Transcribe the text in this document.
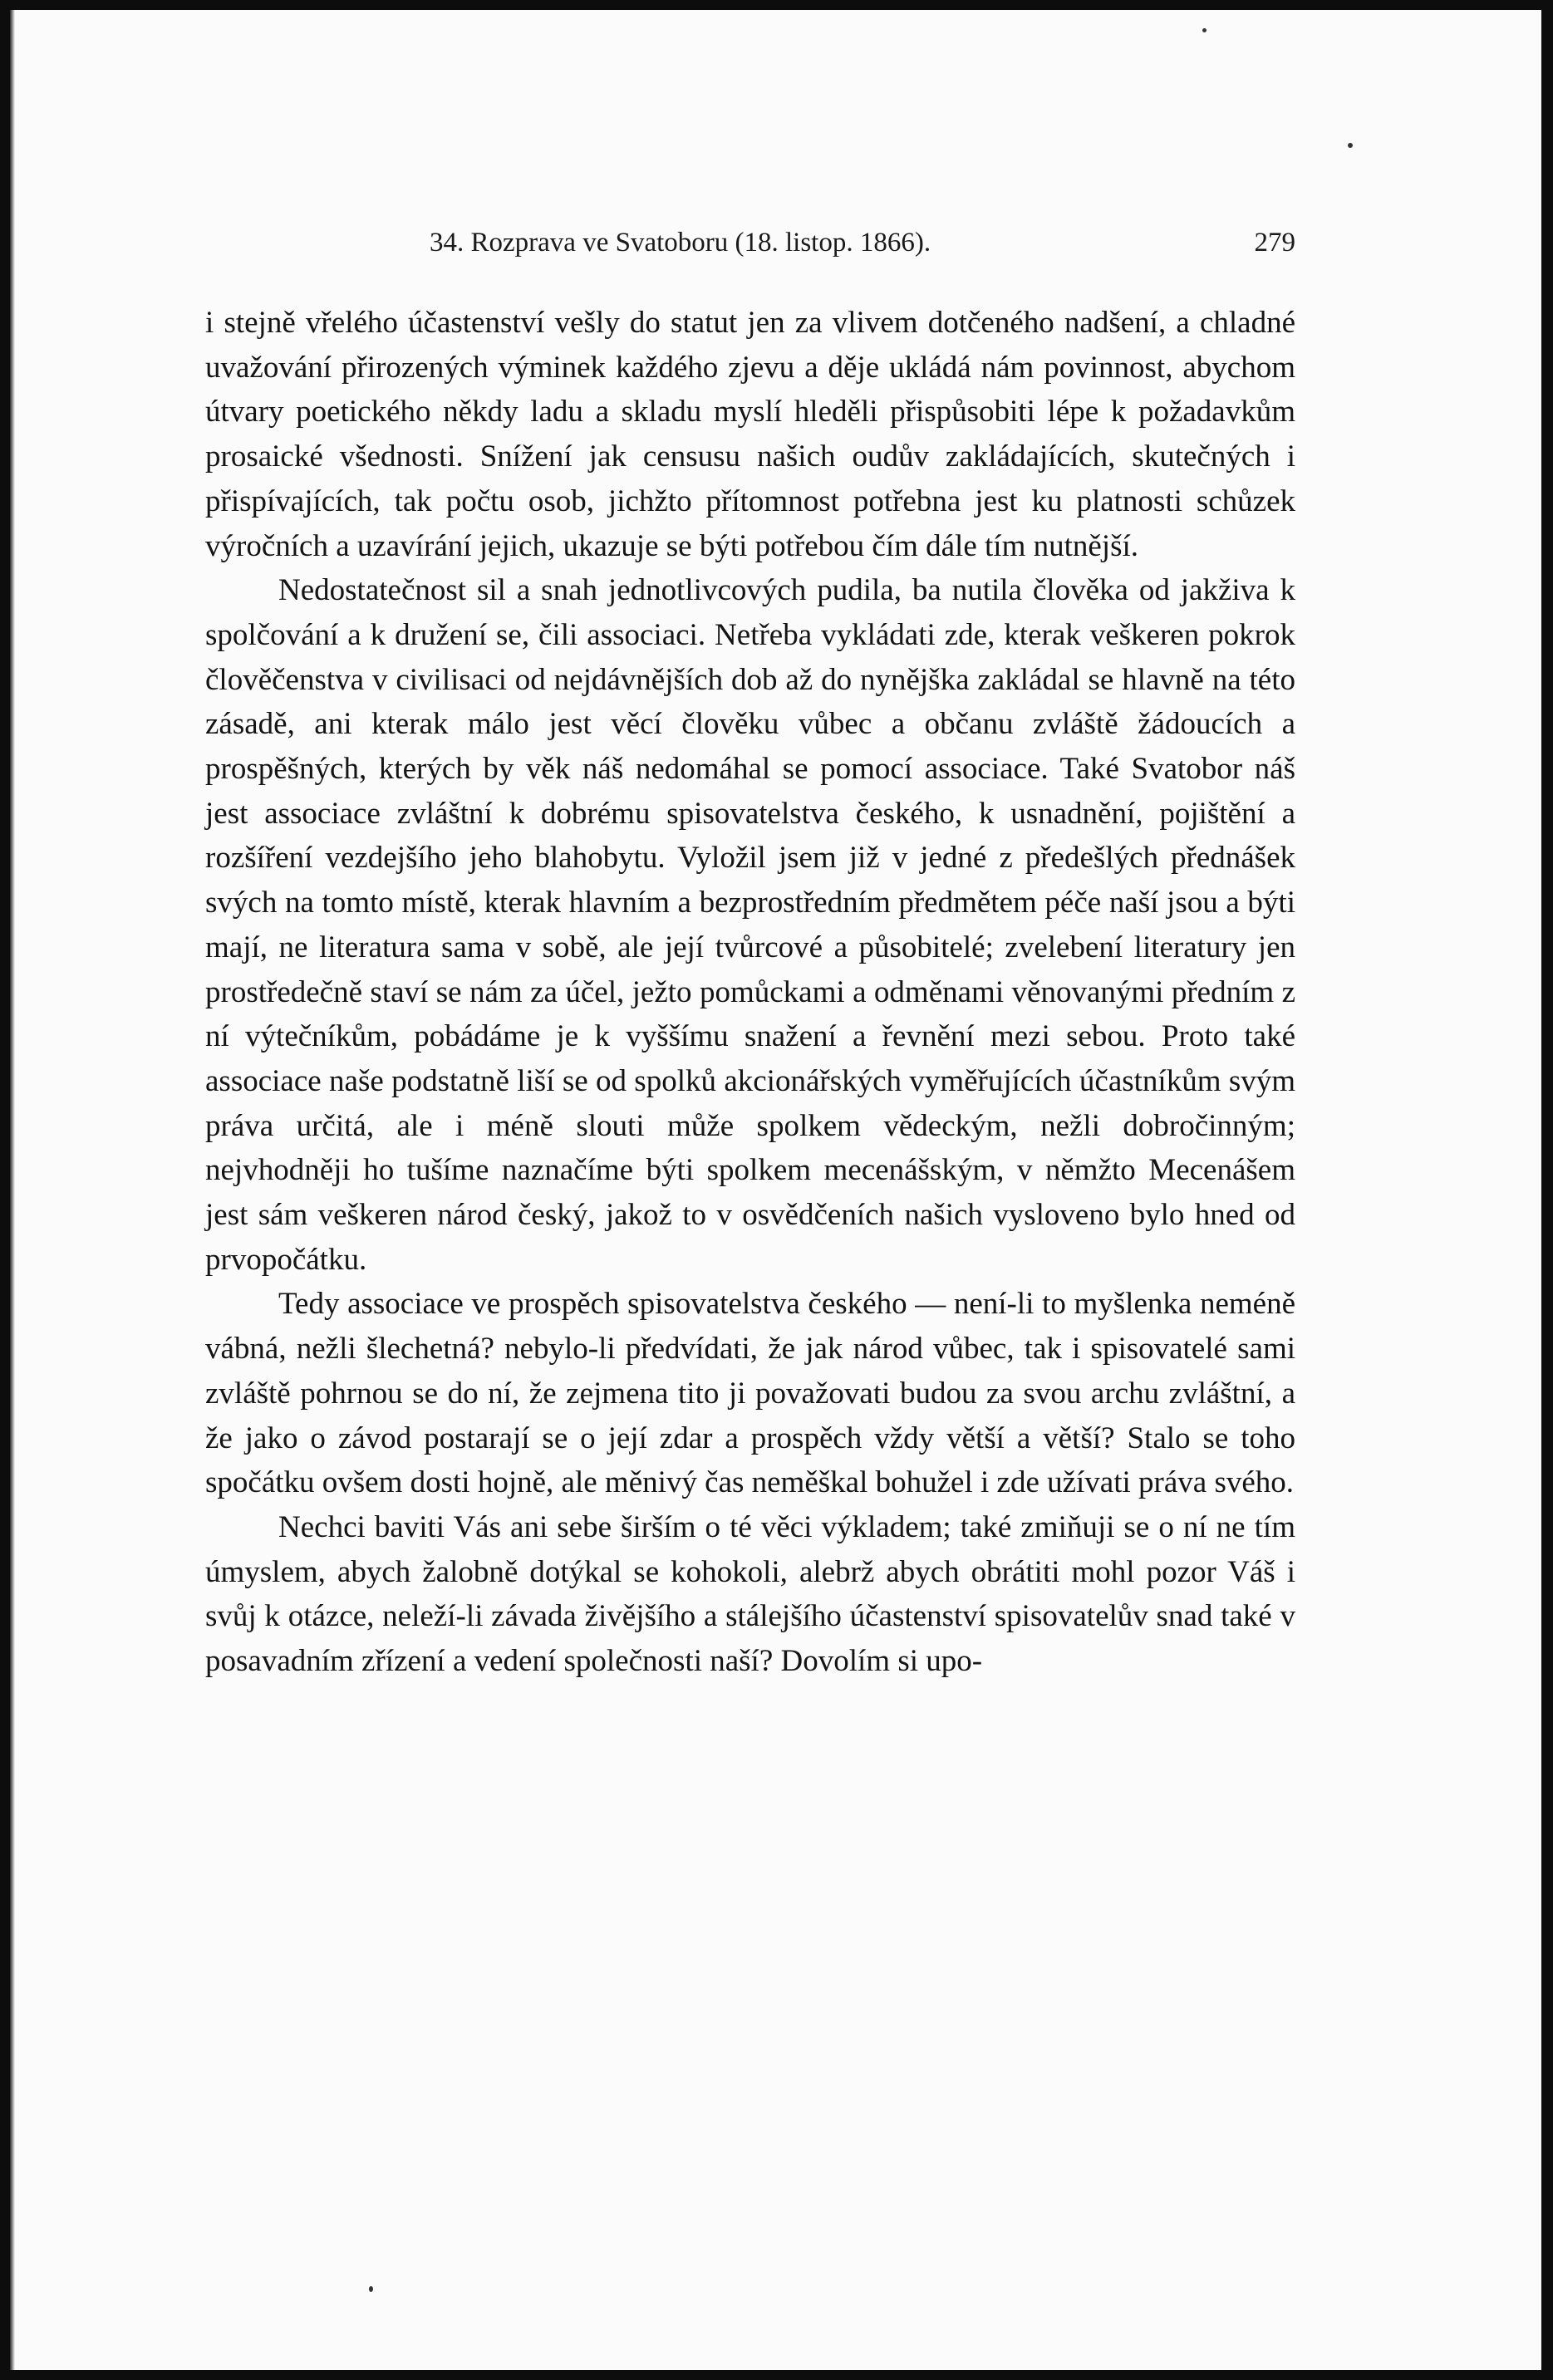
34. Rozprava ve Svatoboru (18. listop. 1866).	279

i stejně vřelého účastenství vešly do statut jen za vlivem dotčeného nadšení, a chladné uvažování přirozených výminek každého zjevu a děje ukládá nám povinnost, abychom útvary poetického někdy ladu a skladu myslí hleděli přispůsobiti lépe k požadavkům prosaické všednosti. Snížení jak censusu našich oudův zakládajících, skutečných i přispívajících, tak počtu osob, jichžto přítomnost potřebna jest ku platnosti schůzek výročních a uzavírání jejich, ukazuje se býti potřebou čím dále tím nutnější.

Nedostatečnost sil a snah jednotlivcových pudila, ba nutila člověka od jakživa k spolčování a k družení se, čili associaci. Netřeba vykládati zde, kterak veškeren pokrok člověčenstva v civilisaci od nejdávnějších dob až do nynějška zakládal se hlavně na této zásadě, ani kterak málo jest věcí člověku vůbec a občanu zvláště žádoucích a prospěšných, kterých by věk náš nedomáhal se pomocí associace. Také Svatobor náš jest associace zvláštní k dobrému spisovatelstva českého, k usnadnění, pojištění a rozšíření vezdejšího jeho blahobytu. Vyložil jsem již v jedné z předešlých přednášek svých na tomto místě, kterak hlavním a bezprostředním předmětem péče naší jsou a býti mají, ne literatura sama v sobě, ale její tvůrcové a působitelé; zvelebení literatury jen prostředečně staví se nám za účel, ježto pomůckami a odměnami věnovanými předním z ní výtečníkům, pobádáme je k vyššímu snažení a řevnění mezi sebou. Proto také associace naše podstatně liší se od spolků akcionářských vyměřujících účastníkům svým práva určitá, ale i méně slouti může spolkem vědeckým, nežli dobročinným; nejvhodněji ho tušíme naznačíme býti spolkem mecenášským, v němžto Mecenášem jest sám veškeren národ český, jakož to v osvědčeních našich vysloveno bylo hned od prvopočátku.

Tedy associace ve prospěch spisovatelstva českého — není-li to myšlenka neméně vábná, nežli šlechetná? nebylo-li předvídati, že jak národ vůbec, tak i spisovatelé sami zvláště pohrnou se do ní, že zejmena tito ji považovati budou za svou archu zvláštní, a že jako o závod postarají se o její zdar a prospěch vždy větší a větší? Stalo se toho spočátku ovšem dosti hojně, ale měnivý čas neměškal bohužel i zde užívati práva svého.

Nechci baviti Vás ani sebe širším o té věci výkladem; také zmiňuji se o ní ne tím úmyslem, abych žalobně dotýkal se kohokoli, alebrž abych obrátiti mohl pozor Váš i svůj k otázce, neleží-li závada živějšího a stálejšího účastenství spisovatelův snad také v posavadním zřízení a vedení společnosti naší? Dovolím si upo-
